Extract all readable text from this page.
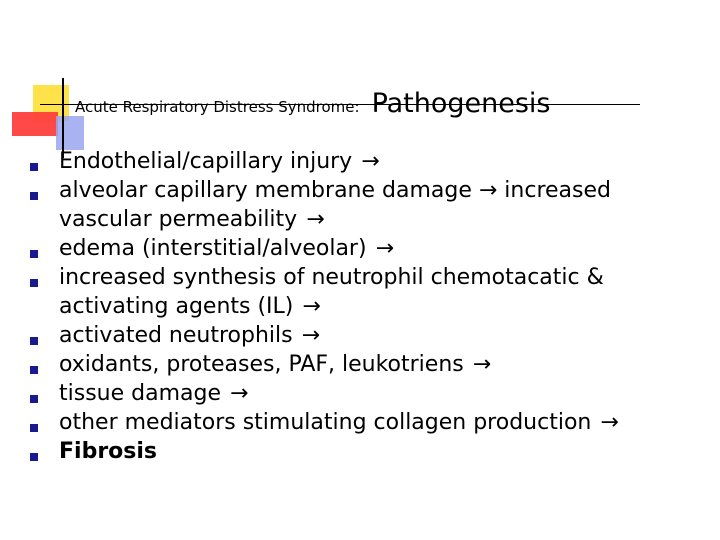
Acute Respiratory Distress Syndrome: Pathogenesis
Endothelial/capillary injury →
alveolar capillary membrane damage → increased vascular permeability →
edema (interstitial/alveolar) →
increased synthesis of neutrophil chemotacatic & activating agents (IL) →
activated neutrophils →
oxidants, proteases, PAF, leukotriens →
tissue damage →
other mediators stimulating collagen production →
Fibrosis
